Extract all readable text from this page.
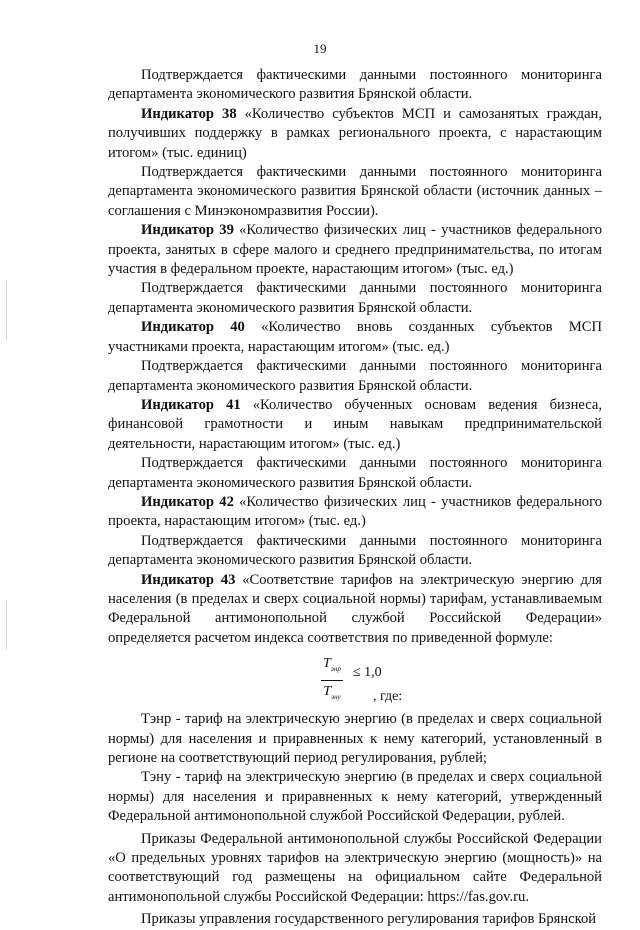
19

Подтверждается фактическими данными постоянного мониторинга департамента экономического развития Брянской области.

Индикатор 38 «Количество субъектов МСП и самозанятых граждан, получивших поддержку в рамках регионального проекта, с нарастающим итогом» (тыс. единиц)

Подтверждается фактическими данными постоянного мониторинга департамента экономического развития Брянской области (источник данных – соглашения с Минэкономразвития России).

Индикатор 39 «Количество физических лиц - участников федерального проекта, занятых в сфере малого и среднего предпринимательства, по итогам участия в федеральном проекте, нарастающим итогом» (тыс. ед.)

Подтверждается фактическими данными постоянного мониторинга департамента экономического развития Брянской области.

Индикатор 40 «Количество вновь созданных субъектов МСП участниками проекта, нарастающим итогом» (тыс. ед.)

Подтверждается фактическими данными постоянного мониторинга департамента экономического развития Брянской области.

Индикатор 41 «Количество обученных основам ведения бизнеса, финансовой грамотности и иным навыкам предпринимательской деятельности, нарастающим итогом» (тыс. ед.)

Подтверждается фактическими данными постоянного мониторинга департамента экономического развития Брянской области.

Индикатор 42 «Количество физических лиц - участников федерального проекта, нарастающим итогом» (тыс. ед.)

Подтверждается фактическими данными постоянного мониторинга департамента экономического развития Брянской области.

Индикатор 43 «Соответствие тарифов на электрическую энергию для населения (в пределах и сверх социальной нормы) тарифам, устанавливаемым Федеральной антимонопольной службой Российской Федерации» определяется расчетом индекса соответствия по приведенной формуле:

$T_{энр}$
$T_{эну}$
≤ 1,0
, где:

Тэнр - тариф на электрическую энергию (в пределах и сверх социальной нормы) для населения и приравненных к нему категорий, установленный в регионе на соответствующий период регулирования, рублей;

Тэну - тариф на электрическую энергию (в пределах и сверх социальной нормы) для населения и приравненных к нему категорий, утвержденный Федеральной антимонопольной службой Российской Федерации, рублей.

Приказы Федеральной антимонопольной службы Российской Федерации «О предельных уровнях тарифов на электрическую энергию (мощность)» на соответствующий год размещены на официальном сайте Федеральной антимонопольной службы Российской Федерации: https://fas.gov.ru.

Приказы управления государственного регулирования тарифов Брянской
